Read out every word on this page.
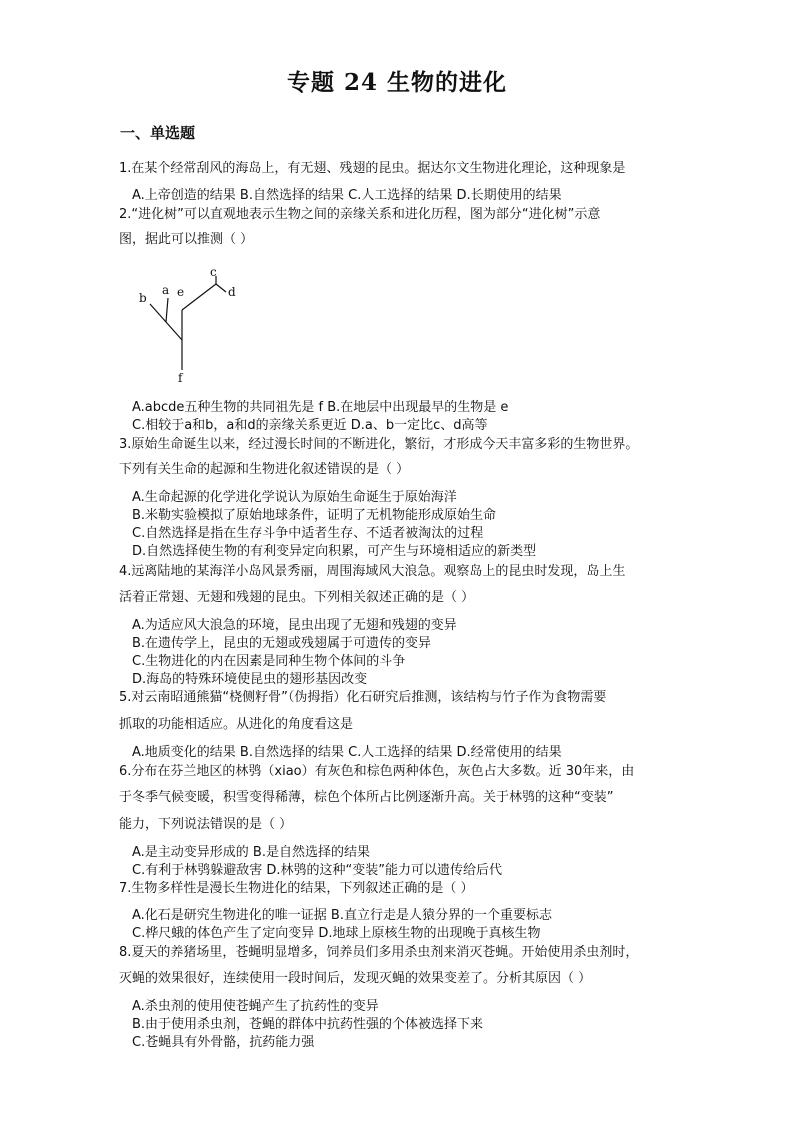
专题 24 生物的进化
一、单选题
1.在某个经常刮风的海岛上，有无翅、残翅的昆虫。据达尔文生物进化理论，这种现象是
A.上帝创造的结果 B.自然选择的结果 C.人工选择的结果 D.长期使用的结果
2.“进化树”可以直观地表示生物之间的亲缘关系和进化历程，图为部分“进化树”示意
图，据此可以推测（ ）
a
b
c
d
e
f
A.abcde五种生物的共同祖先是 f B.在地层中出现最早的生物是 e
C.相较于a和b，a和d的亲缘关系更近 D.a、b一定比c、d高等
3.原始生命诞生以来，经过漫长时间的不断进化，繁衍，才形成今天丰富多彩的生物世界。
下列有关生命的起源和生物进化叙述错误的是（ ）
A.生命起源的化学进化学说认为原始生命诞生于原始海洋
B.米勒实验模拟了原始地球条件，证明了无机物能形成原始生命
C.自然选择是指在生存斗争中适者生存、不适者被淘汰的过程
D.自然选择使生物的有利变异定向积累，可产生与环境相适应的新类型
4.远离陆地的某海洋小岛风景秀丽，周围海域风大浪急。观察岛上的昆虫时发现，岛上生
活着正常翅、无翅和残翅的昆虫。下列相关叙述正确的是（ ）
A.为适应风大浪急的环境，昆虫出现了无翅和残翅的变异
B.在遗传学上，昆虫的无翅或残翅属于可遗传的变异
C.生物进化的内在因素是同种生物个体间的斗争
D.海岛的特殊环境使昆虫的翅形基因改变
5.对云南昭通熊猫“桡侧籽骨”（伪拇指）化石研究后推测，该结构与竹子作为食物需要
抓取的功能相适应。从进化的角度看这是
A.地质变化的结果 B.自然选择的结果 C.人工选择的结果 D.经常使用的结果
6.分布在芬兰地区的林鸮（xiao）有灰色和棕色两种体色，灰色占大多数。近 30年来，由
于冬季气候变暖，积雪变得稀薄，棕色个体所占比例逐渐升高。关于林鸮的这种“变装”
能力，下列说法错误的是（ ）
A.是主动变异形成的 B.是自然选择的结果
C.有利于林鸮躲避敌害 D.林鸮的这种“变装”能力可以遗传给后代
7.生物多样性是漫长生物进化的结果，下列叙述正确的是（ ）
A.化石是研究生物进化的唯一证据 B.直立行走是人猿分界的一个重要标志
C.桦尺蛾的体色产生了定向变异 D.地球上原核生物的出现晚于真核生物
8.夏天的养猪场里，苍蝇明显增多，饲养员们多用杀虫剂来消灭苍蝇。开始使用杀虫剂时，
灭蝇的效果很好，连续使用一段时间后，发现灭蝇的效果变差了。分析其原因（ ）
A.杀虫剂的使用使苍蝇产生了抗药性的变异
B.由于使用杀虫剂，苍蝇的群体中抗药性强的个体被选择下来
C.苍蝇具有外骨骼，抗药能力强
